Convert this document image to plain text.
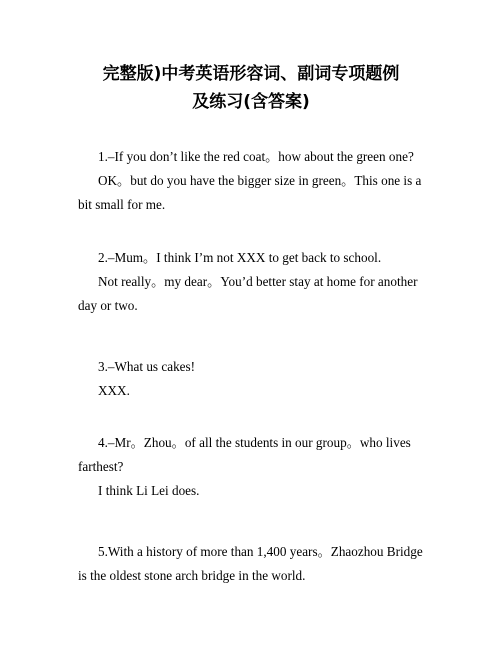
完整版)中考英语形容词、副词专项题例
及练习(含答案)

1.–If you don’t like the red coat。how about the green one?

OK。but do you have the bigger size in green。This one is a
bit small for me.

2.–Mum。I think I’m not XXX to get back to school.

Not really。my dear。You’d better stay at home for another
day or two.

3.–What us cakes!

XXX.

4.–Mr。Zhou。of all the students in our group。who lives

farthest?

I think Li Lei does.

5.With a history of more than 1,400 years。Zhaozhou Bridge

is the oldest stone arch bridge in the world.
